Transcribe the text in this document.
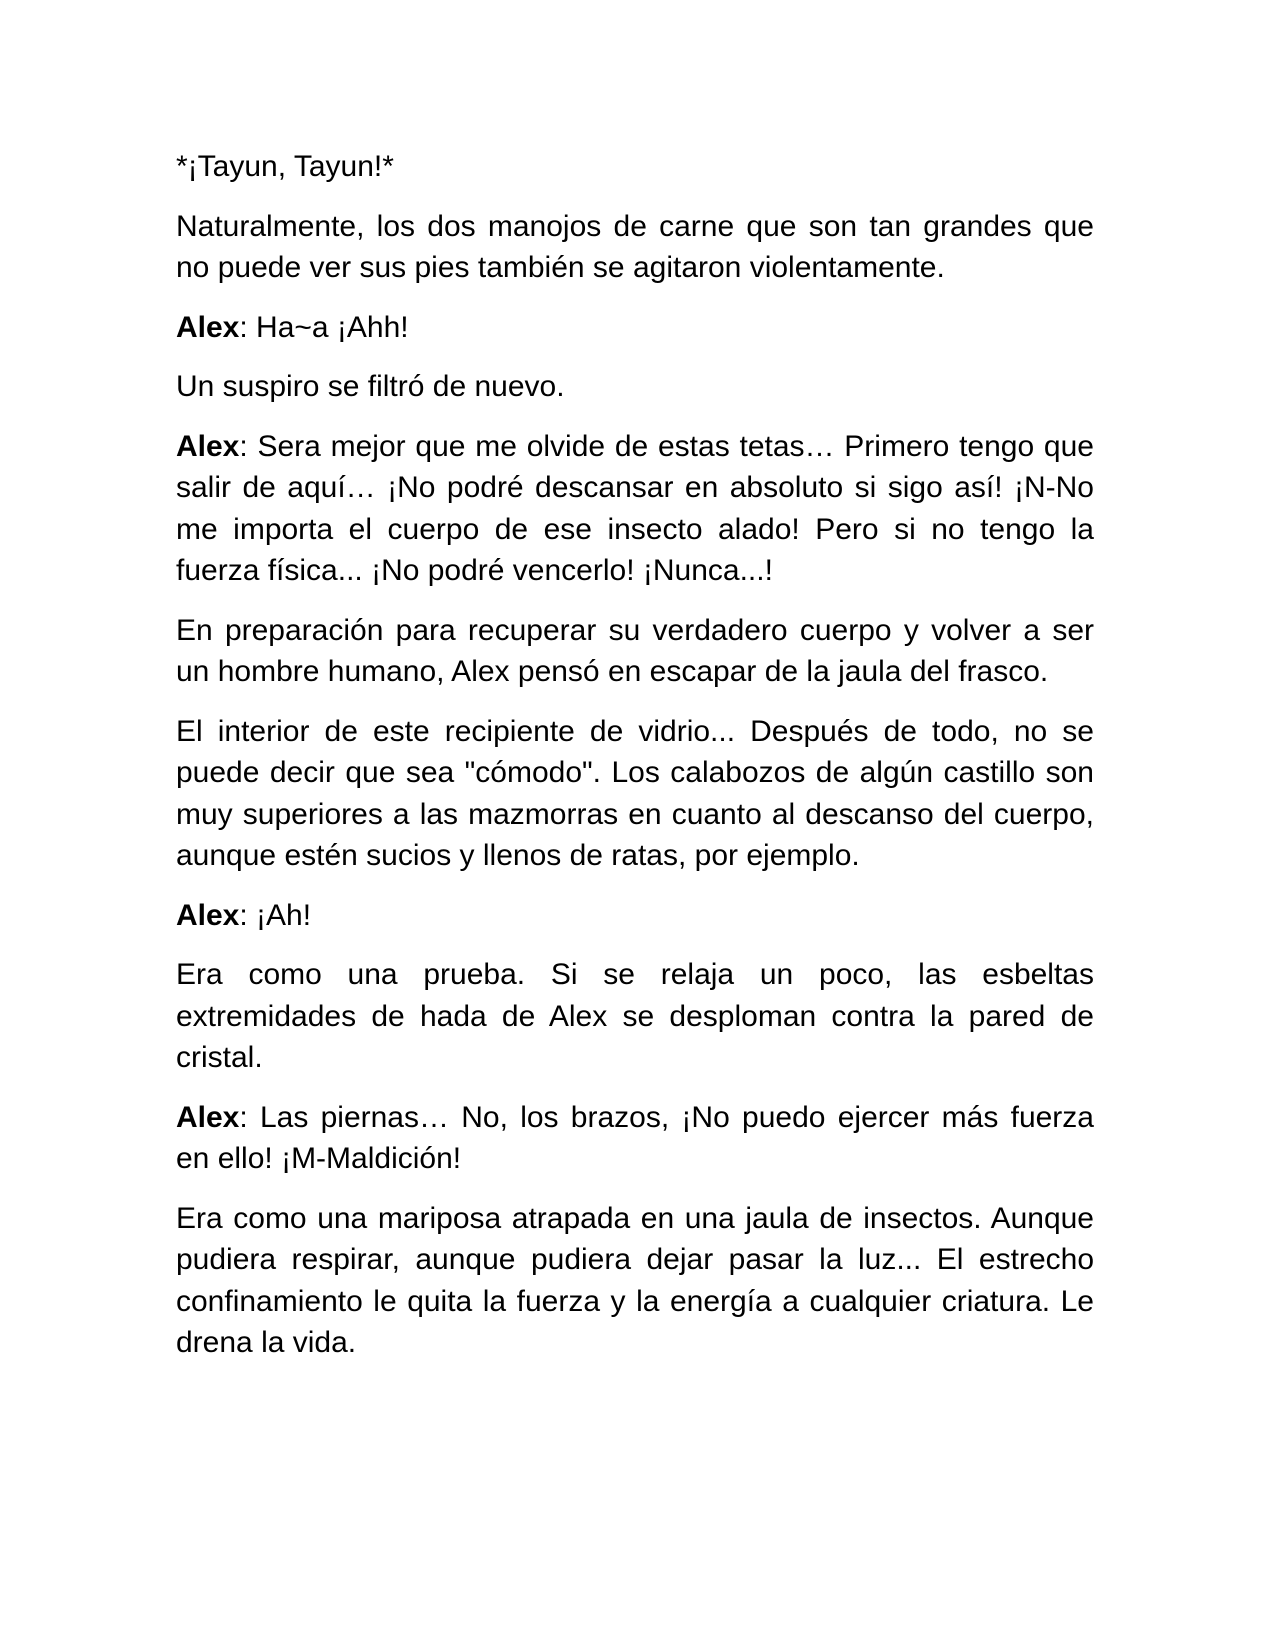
*¡Tayun, Tayun!*

Naturalmente, los dos manojos de carne que son tan grandes que no puede ver sus pies también se agitaron violentamente.

Alex: Ha~a ¡Ahh!

Un suspiro se filtró de nuevo.

Alex: Sera mejor que me olvide de estas tetas… Primero tengo que salir de aquí… ¡No podré descansar en absoluto si sigo así! ¡N-No me importa el cuerpo de ese insecto alado! Pero si no tengo la fuerza física... ¡No podré vencerlo! ¡Nunca...!

En preparación para recuperar su verdadero cuerpo y volver a ser un hombre humano, Alex pensó en escapar de la jaula del frasco.

El interior de este recipiente de vidrio... Después de todo, no se puede decir que sea "cómodo". Los calabozos de algún castillo son muy superiores a las mazmorras en cuanto al descanso del cuerpo, aunque estén sucios y llenos de ratas, por ejemplo.

Alex: ¡Ah!

Era como una prueba. Si se relaja un poco, las esbeltas extremidades de hada de Alex se desploman contra la pared de cristal.

Alex: Las piernas… No, los brazos, ¡No puedo ejercer más fuerza en ello! ¡M-Maldición!

Era como una mariposa atrapada en una jaula de insectos. Aunque pudiera respirar, aunque pudiera dejar pasar la luz... El estrecho confinamiento le quita la fuerza y la energía a cualquier criatura. Le drena la vida.
